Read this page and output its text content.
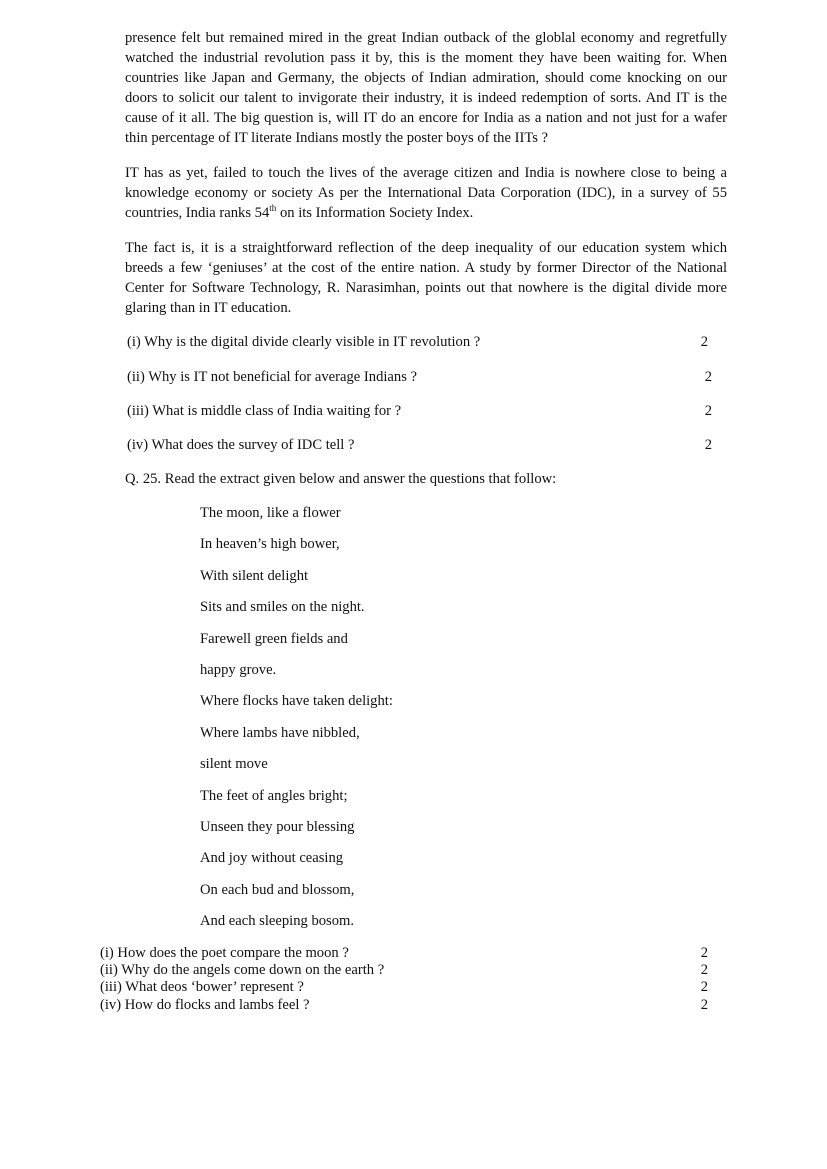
presence felt but remained mired in the great Indian outback of the globlal economy and regretfully watched the industrial revolution pass it by, this is the moment they have been waiting for. When countries like Japan and Germany, the objects of Indian admiration, should come knocking on our doors to solicit our talent to invigorate their industry, it is indeed redemption of sorts. And IT is the cause of it all. The big question is, will IT do an encore for India as a nation and not just for a wafer thin percentage of IT literate Indians mostly the poster boys of the IITs ?

IT has as yet, failed to touch the lives of the average citizen and India is nowhere close to being a knowledge economy or society As per the International Data Corporation (IDC), in a survey of 55 countries, India ranks 54th on its Information Society Index.

The fact is, it is a straightforward reflection of the deep inequality of our education system which breeds a few ‘geniuses’ at the cost of the entire nation. A study by former Director of the National Center for Software Technology, R. Narasimhan, points out that nowhere is the digital divide more glaring than in IT education.

(i) Why is the digital divide clearly visible in IT revolution ?	2
(ii) Why is IT not beneficial for average Indians ?	2
(iii) What is middle class of India waiting for ?	2
(iv) What does the survey of IDC tell ?	2
Q. 25. Read the extract given below and answer the questions that follow:
The moon, like a flower
In heaven’s high bower,
With silent delight
Sits and smiles on the night.
Farewell green fields and
happy grove.
Where flocks have taken delight:
Where lambs have nibbled,
silent move
The feet of angles bright;
Unseen they pour blessing
And joy without ceasing
On each bud and blossom,
And each sleeping bosom.
(i) How does the poet compare the moon ?	2
(ii) Why do the angels come down on the earth ?	2
(iii) What deos ‘bower’ represent ?	2
(iv) How do flocks and lambs feel ?	2
